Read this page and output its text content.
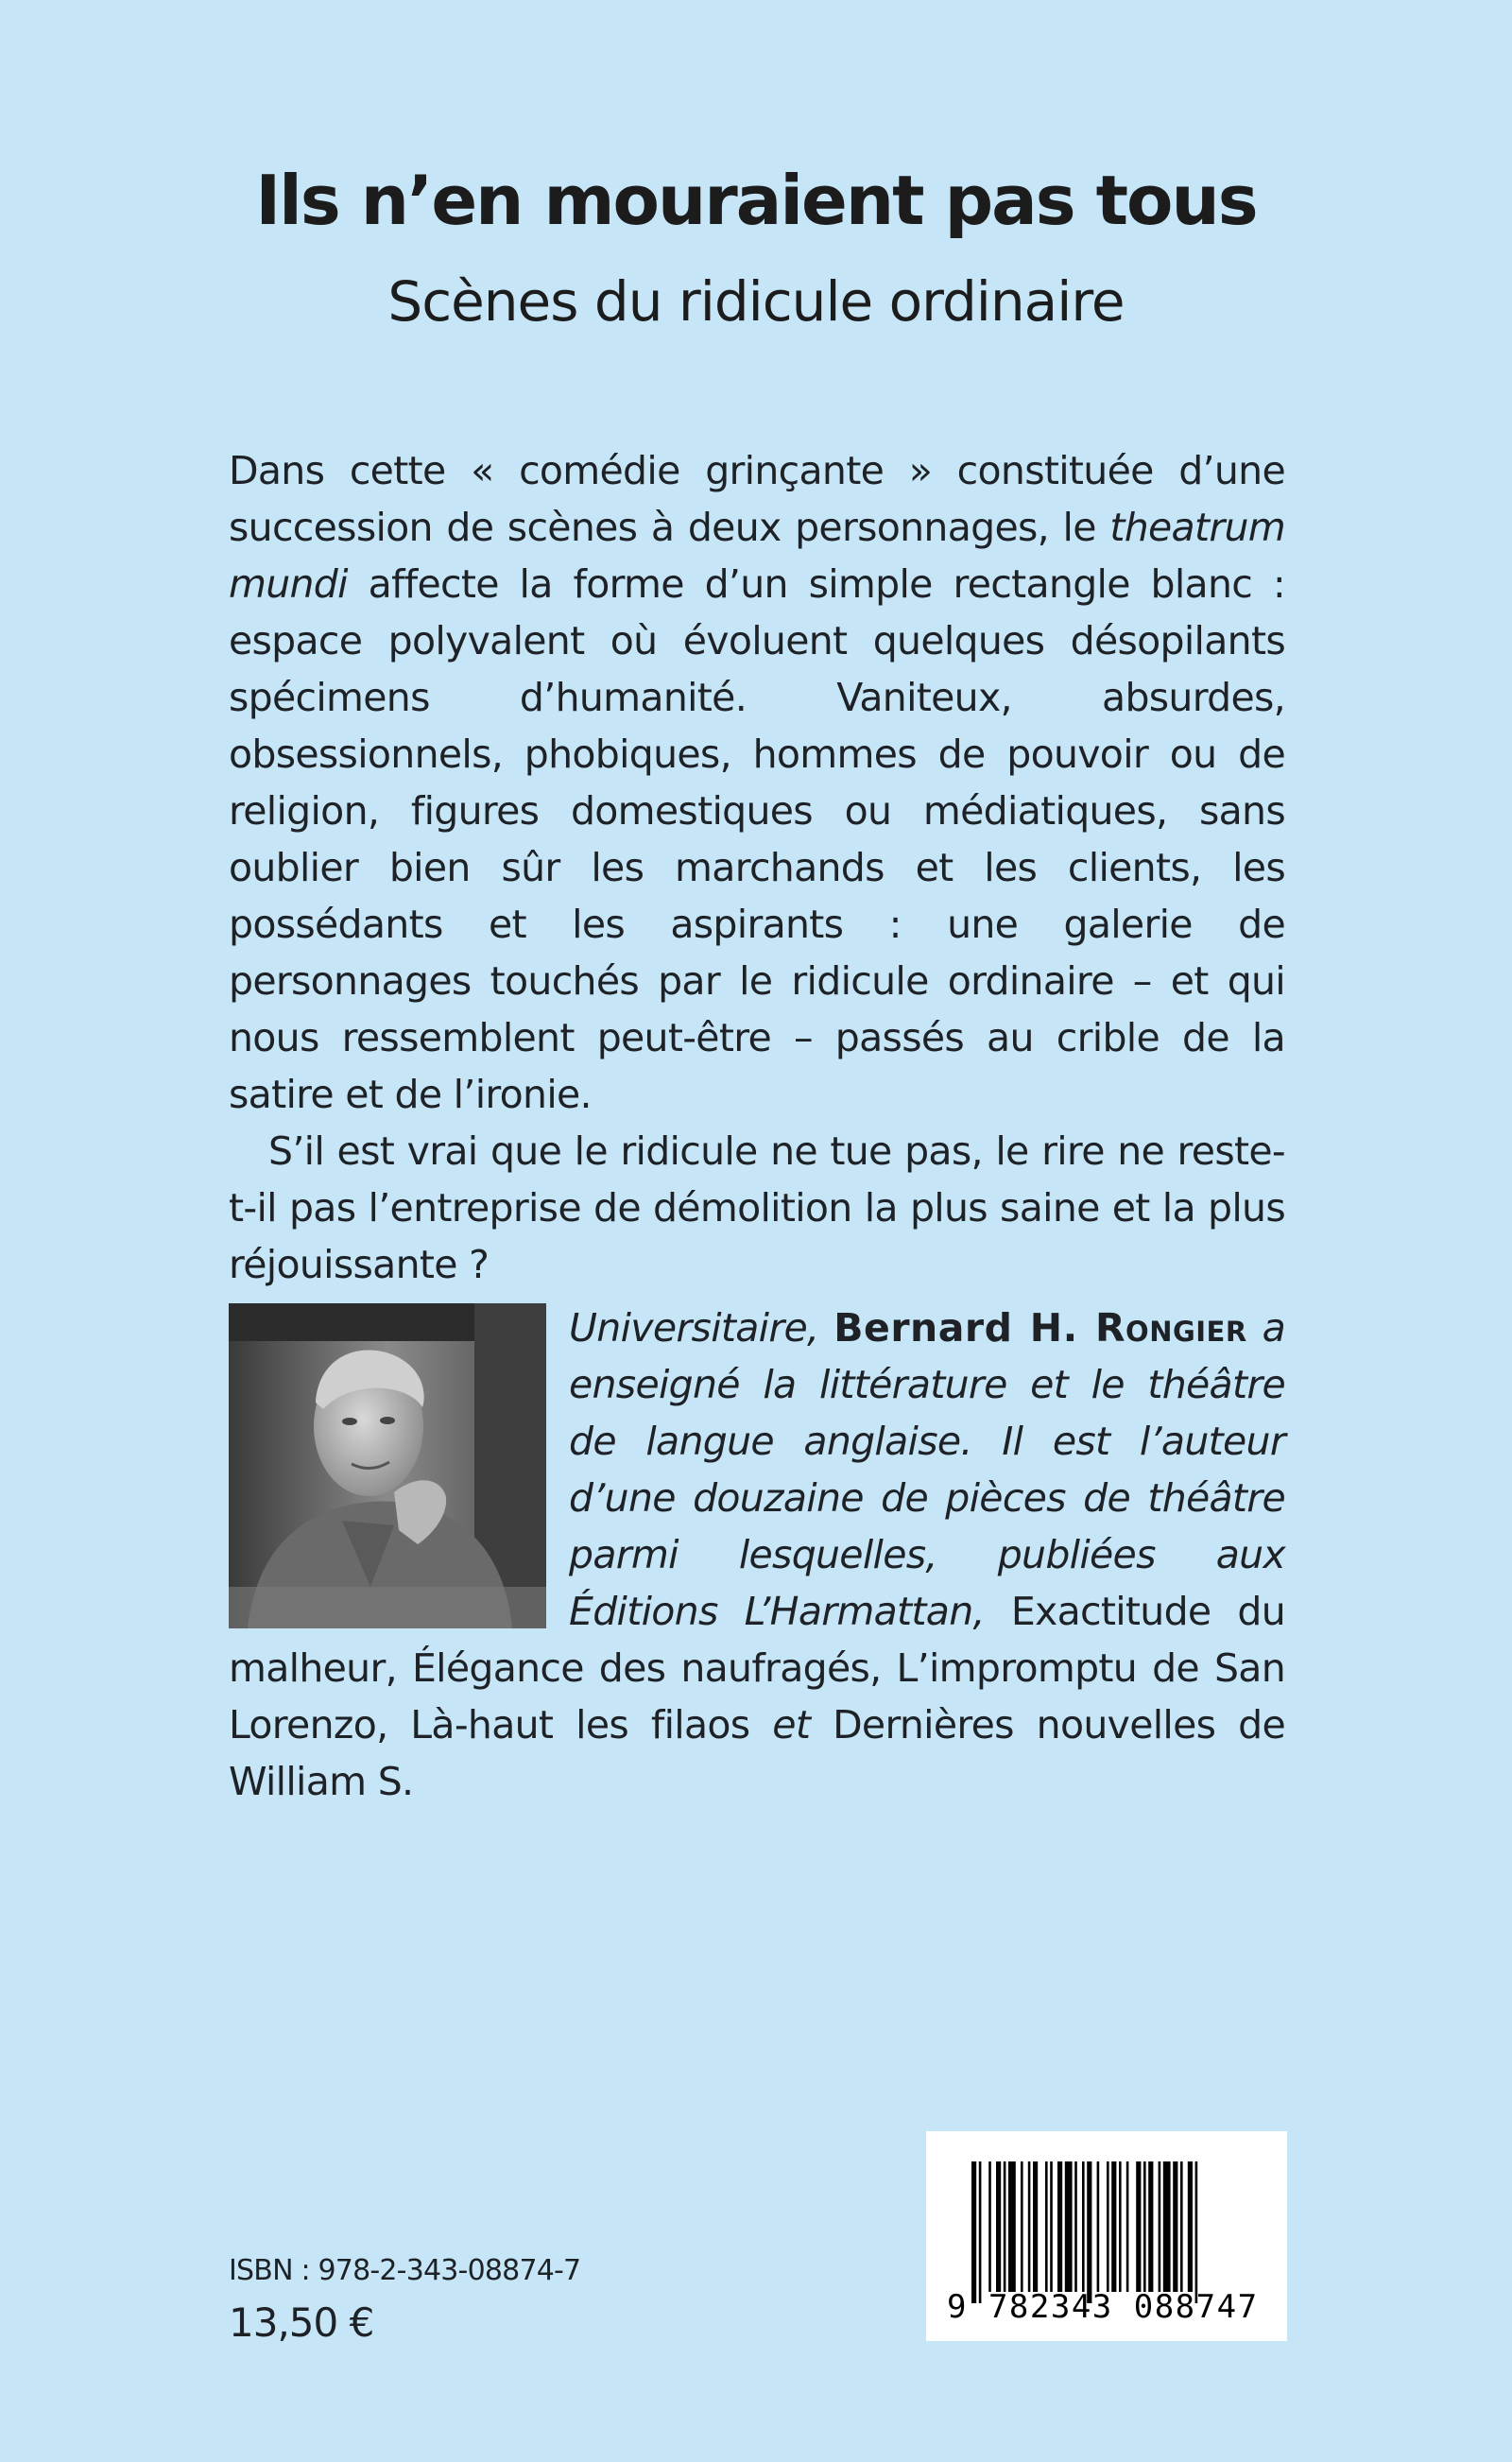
Ils n’en mouraient pas tous
Scènes du ridicule ordinaire

Dans cette « comédie grinçante » constituée d’une succession de scènes à deux personnages, le theatrum mundi affecte la forme d’un simple rectangle blanc : espace polyvalent où évoluent quelques désopilants spécimens d’humanité. Vaniteux, absurdes, obsessionnels, phobiques, hommes de pouvoir ou de religion, figures domestiques ou médiatiques, sans oublier bien sûr les marchands et les clients, les possédants et les aspirants : une galerie de personnages touchés par le ridicule ordinaire – et qui nous ressemblent peut-être – passés au crible de la satire et de l’ironie.

S’il est vrai que le ridicule ne tue pas, le rire ne reste-t-il pas l’entreprise de démolition la plus saine et la plus réjouissante ?

Universitaire, Bernard H. Rongier a enseigné la littérature et le théâtre de langue anglaise. Il est l’auteur d’une douzaine de pièces de théâtre parmi lesquelles, publiées aux Éditions L’Harmattan, Exactitude du malheur, Élégance des naufragés, L’impromptu de San Lorenzo, Là-haut les filaos et Dernières nouvelles de William S.

ISBN : 978-2-343-08874-7
13,50 €	9 782343 088747
